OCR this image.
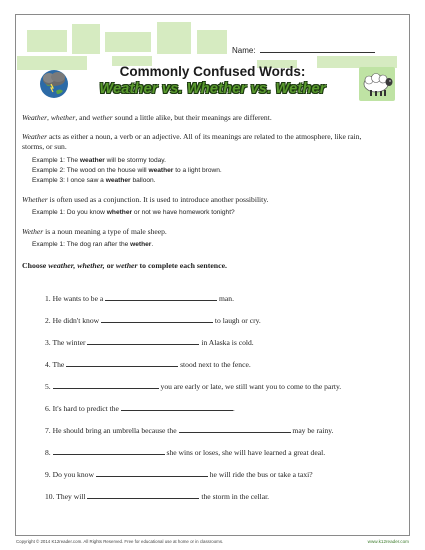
Name:
Commonly Confused Words:
Weather vs. Whether vs. Wether

Weather, whether, and wether sound a little alike, but their meanings are different.

Weather acts as either a noun, a verb or an adjective. All of its meanings are related to the atmosphere, like rain, storms, or sun.

Example 1: The weather will be stormy today.

Example 2: The wood on the house will weather to a light brown.

Example 3: I once saw a weather balloon.

Whether is often used as a conjunction. It is used to introduce another possibility.

Example 1: Do you know whether or not we have homework tonight?

Wether is a noun meaning a type of male sheep.

Example 1: The dog ran after the wether.

Choose weather, whether, or wether to complete each sentence.

1. He wants to be a	man.
2. He didn't know	to laugh or cry.
3. The winter	in Alaska is cold.
4. The	stood next to the fence.
5.	you are early or late, we still want you to come to the party.
6. It's hard to predict the	.
7. He should bring an umbrella because the	may be rainy.
8.	she wins or loses, she will have learned a great deal.
9. Do you know	he will ride the bus or take a taxi?
10. They will	the storm in the cellar.
Copyright © 2014 K12reader.com. All Rights Reserved. Free for educational use at home or in classrooms.	www.k12reader.com
